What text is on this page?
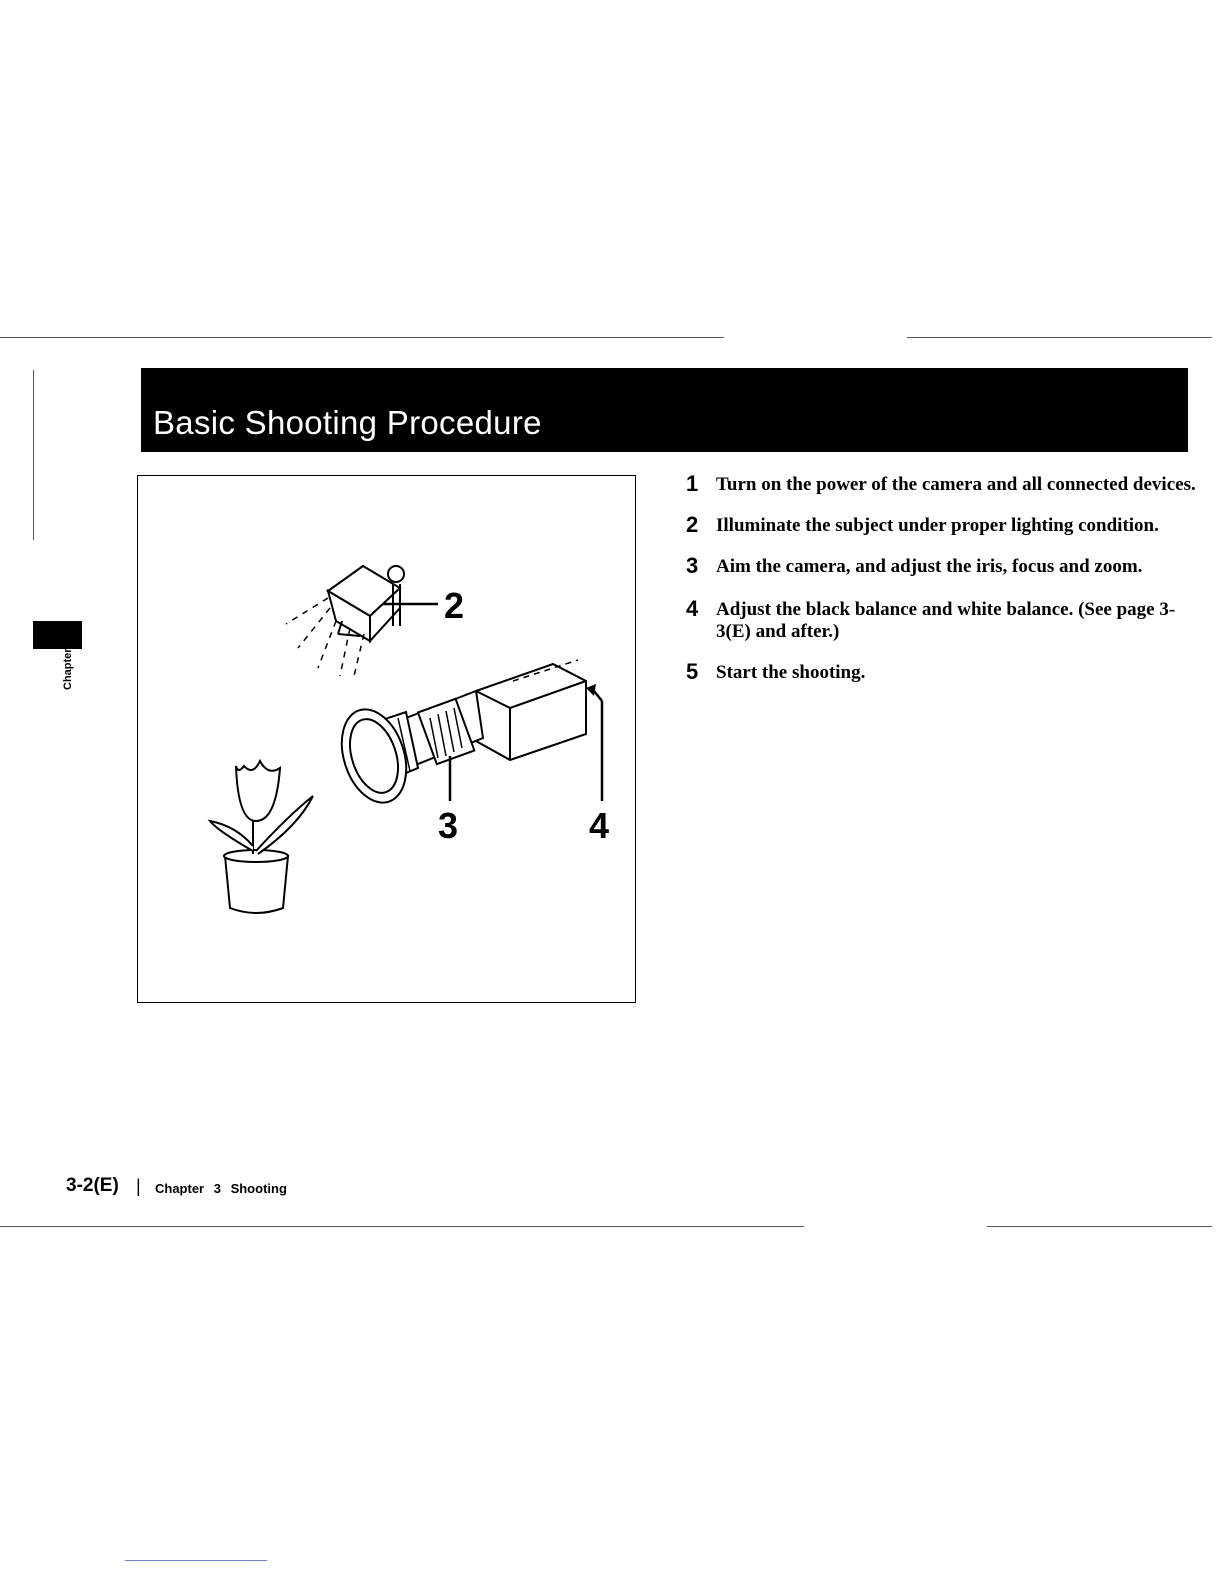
Basic Shooting Procedure
Chapter 3
2
3	4
1 Turn on the power of the camera and all connected devices.
2 Illuminate the subject under proper lighting condition.
3 Aim the camera, and adjust the iris, focus and zoom.
4 Adjust the black balance and white balance. (See page 3-3(E) and after.)
5 Start the shooting.
3-2(E) | Chapter 3 Shooting
